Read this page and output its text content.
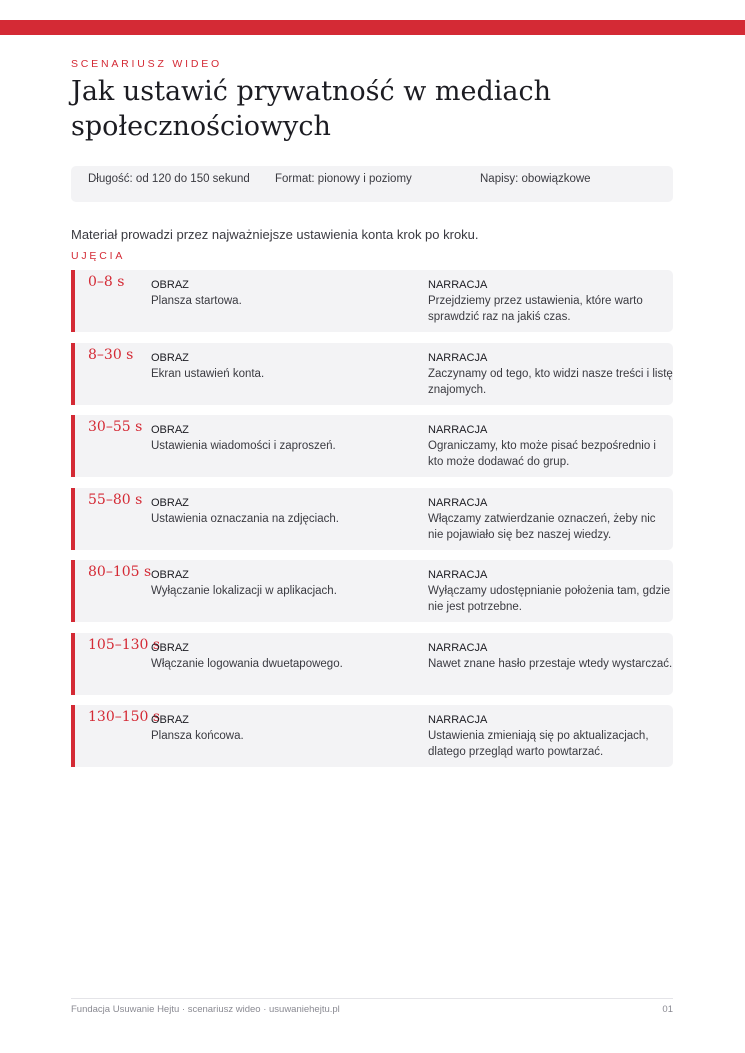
SCENARIUSZ WIDEO
Jak ustawić prywatność w mediach społecznościowych
Długość: od 120 do 150 sekund Format: pionowy i poziomy	Napisy: obowiązkowe
Materiał prowadzi przez najważniejsze ustawienia konta krok po kroku.
UJĘCIA
0–8 s OBRAZ
Plansza startowa.
NARRACJA
Przejdziemy przez ustawienia, które warto sprawdzić raz na jakiś czas.
8–30 s OBRAZ
Ekran ustawień konta.
NARRACJA
Zaczynamy od tego, kto widzi nasze treści i listę znajomych.
30–55 s OBRAZ
Ustawienia wiadomości i zaproszeń.
NARRACJA
Ograniczamy, kto może pisać bezpośrednio i kto może dodawać do grup.
55–80 s OBRAZ
Ustawienia oznaczania na zdjęciach.
NARRACJA
Włączamy zatwierdzanie oznaczeń, żeby nic nie pojawiało się bez naszej wiedzy.
80–105 s OBRAZ
Wyłączanie lokalizacji w aplikacjach.
NARRACJA
Wyłączamy udostępnianie położenia tam, gdzie nie jest potrzebne.
105–130 s
OBRAZ
Włączanie logowania dwuetapowego.
NARRACJA
Nawet znane hasło przestaje wtedy wystarczać.
130–150 s
OBRAZ
Plansza końcowa.
NARRACJA
Ustawienia zmieniają się po aktualizacjach, dlatego przegląd warto powtarzać.
Fundacja Usuwanie Hejtu · scenariusz wideo · usuwaniehejtu.pl	01
